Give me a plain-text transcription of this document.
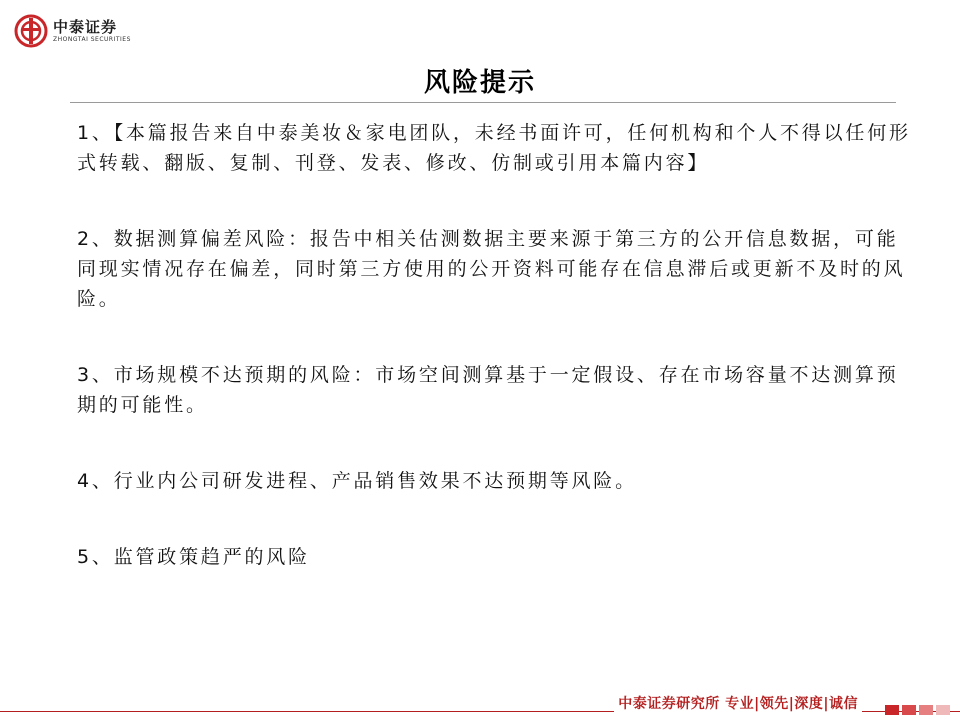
中泰证券
ZHONGTAI SECURITIES
风险提示
1、【本篇报告来自中泰美妆＆家电团队，未经书面许可，任何机构和个人不得以任何形式转载、翻版、复制、刊登、发表、修改、仿制或引用本篇内容】
2、数据测算偏差风险：报告中相关估测数据主要来源于第三方的公开信息数据，可能同现实情况存在偏差，同时第三方使用的公开资料可能存在信息滞后或更新不及时的风险。
3、市场规模不达预期的风险：市场空间测算基于一定假设、存在市场容量不达测算预期的可能性。
4、行业内公司研发进程、产品销售效果不达预期等风险。
5、监管政策趋严的风险
中泰证券研究所 专业|领先|深度|诚信
